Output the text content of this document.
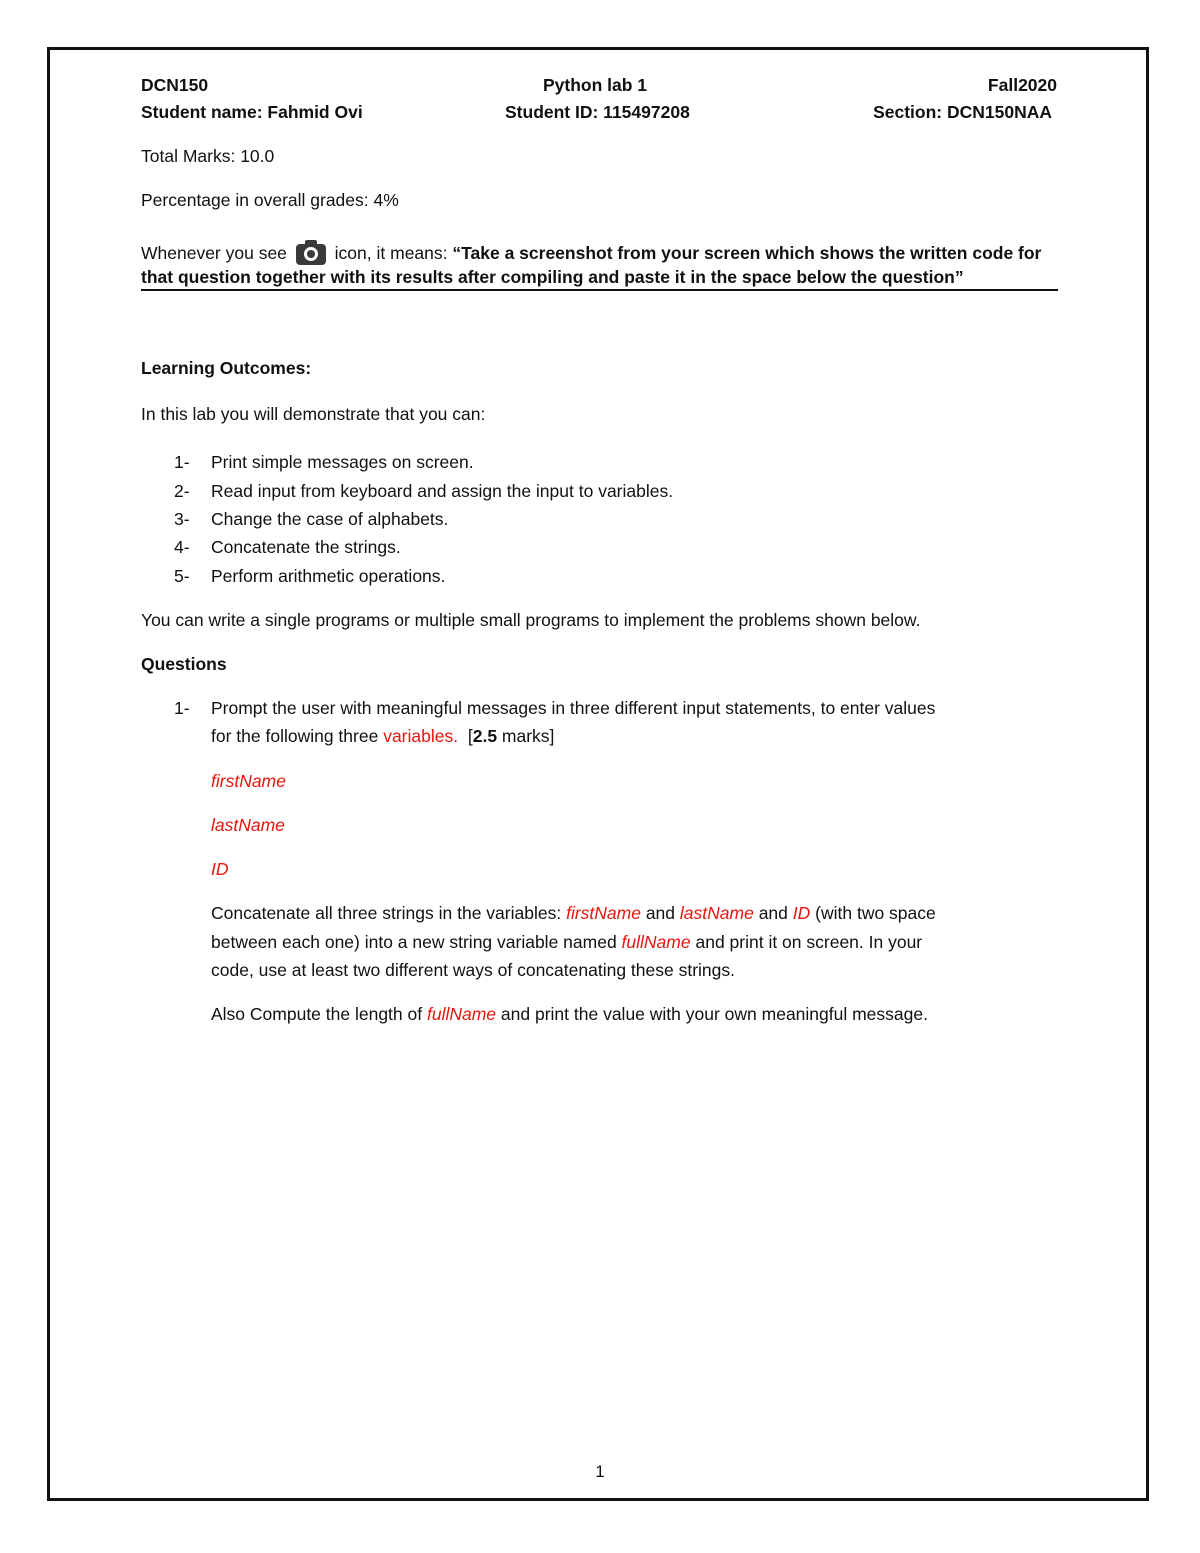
DCN150	Python lab 1	Fall2020
Student name: Fahmid Ovi	Student ID: 115497208	Section: DCN150NAA
Total Marks: 10.0
Percentage in overall grades: 4%
Whenever you see	icon, it means: “Take a screenshot from your screen which shows the written code for
that question together with its results after compiling and paste it in the space below the question”
Learning Outcomes:
In this lab you will demonstrate that you can:
1- Print simple messages on screen.
2- Read input from keyboard and assign the input to variables.
3- Change the case of alphabets.
4- Concatenate the strings.
5- Perform arithmetic operations.
You can write a single programs or multiple small programs to implement the problems shown below.
Questions
1- Prompt the user with meaningful messages in three different input statements, to enter values
for the following three variables. [2.5 marks]
firstName
lastName
ID
Concatenate all three strings in the variables: firstName and lastName and ID (with two space
between each one) into a new string variable named fullName and print it on screen. In your
code, use at least two different ways of concatenating these strings.
Also Compute the length of fullName and print the value with your own meaningful message.
1
